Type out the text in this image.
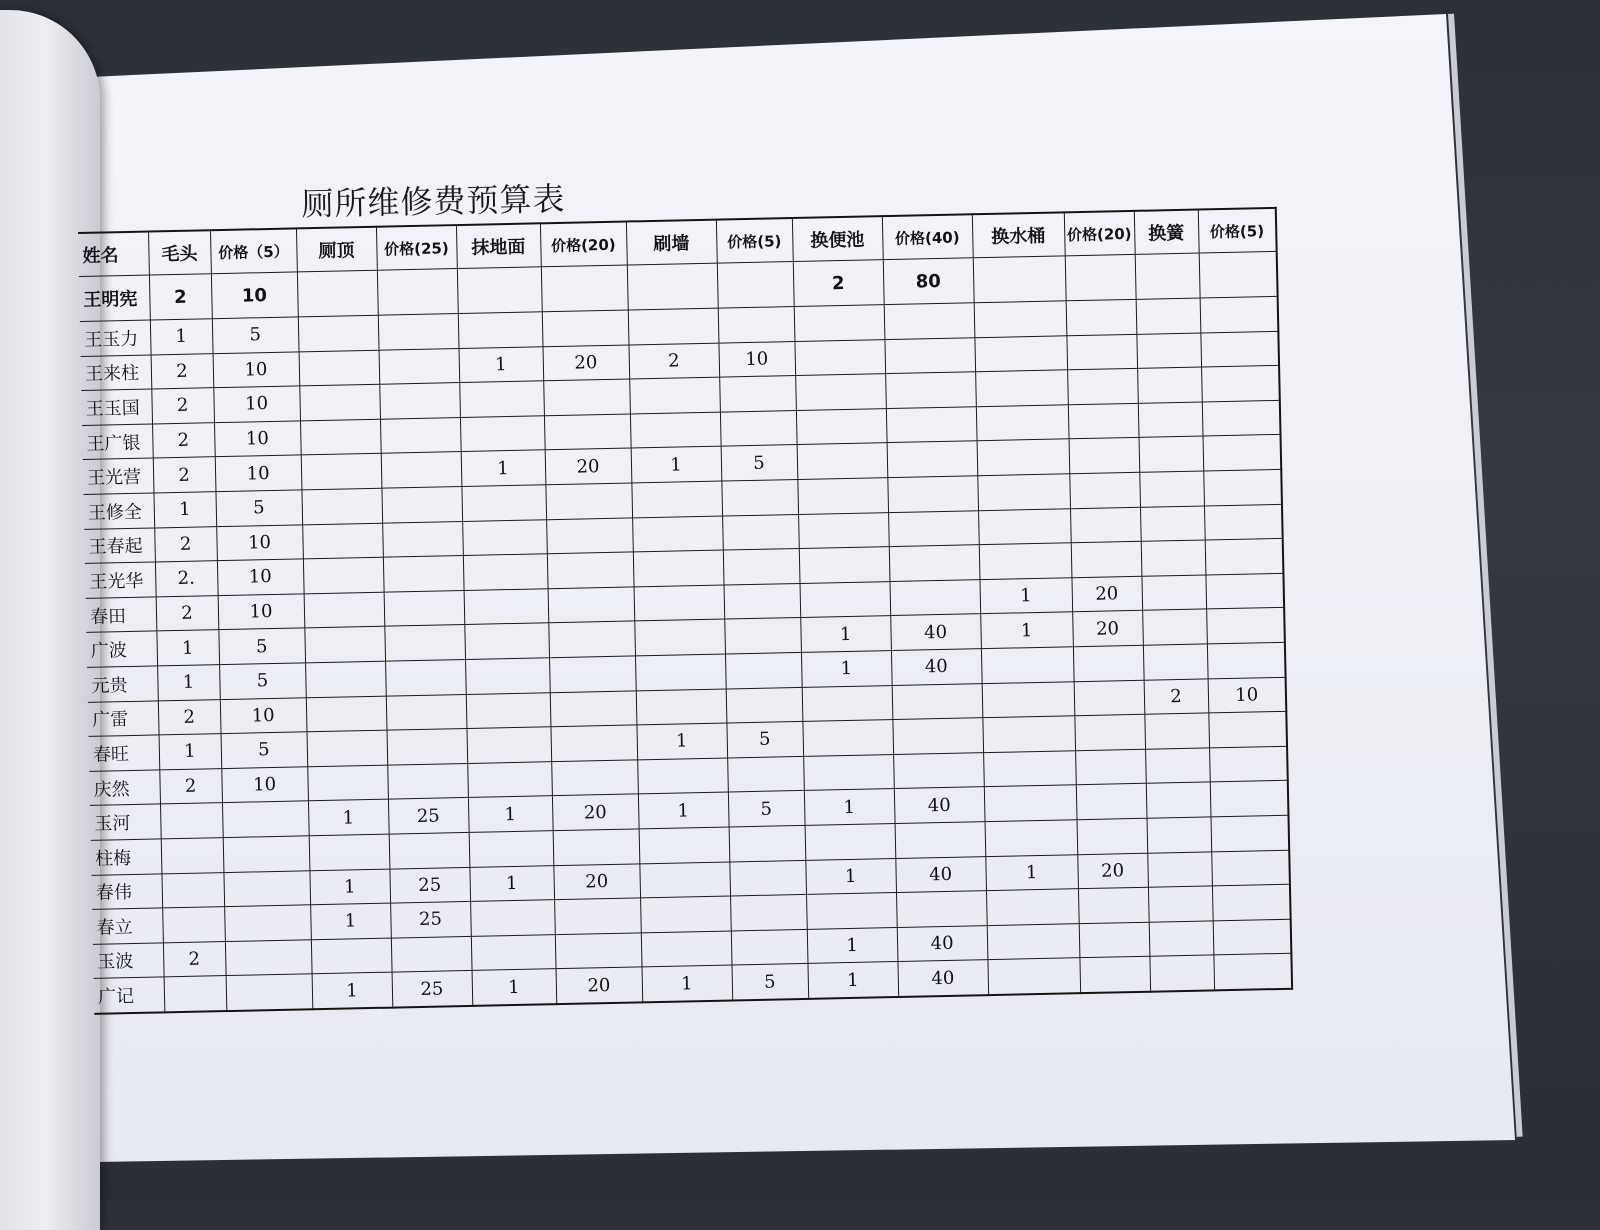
厕所维修费预算表
姓名	毛头	价格（5）	厕顶	价格(25)	抹地面	价格(20)	刷墙	价格(5)	换便池	价格(40)	换水桶	价格(20)	换簧	价格(5)
王明宪	2	10							2	80				
王玉力	1	5												
王来柱	2	10			1	20	2	10						
王玉国	2	10												
王广银	2	10												
王光营	2	10			1	20	1	5						
王修全	1	5												
王春起	2	10												
王光华	2.	10												
春田	2	10									1	20		
广波	1	5							1	40	1	20		
元贵	1	5							1	40				
广雷	2	10											2	10
春旺	1	5					1	5						
庆然	2	10												
玉河			1	25	1	20	1	5	1	40				
柱梅														
春伟			1	25	1	20			1	40	1	20		
春立			1	25										
玉波	2								1	40				
广记			1	25	1	20	1	5	1	40				
